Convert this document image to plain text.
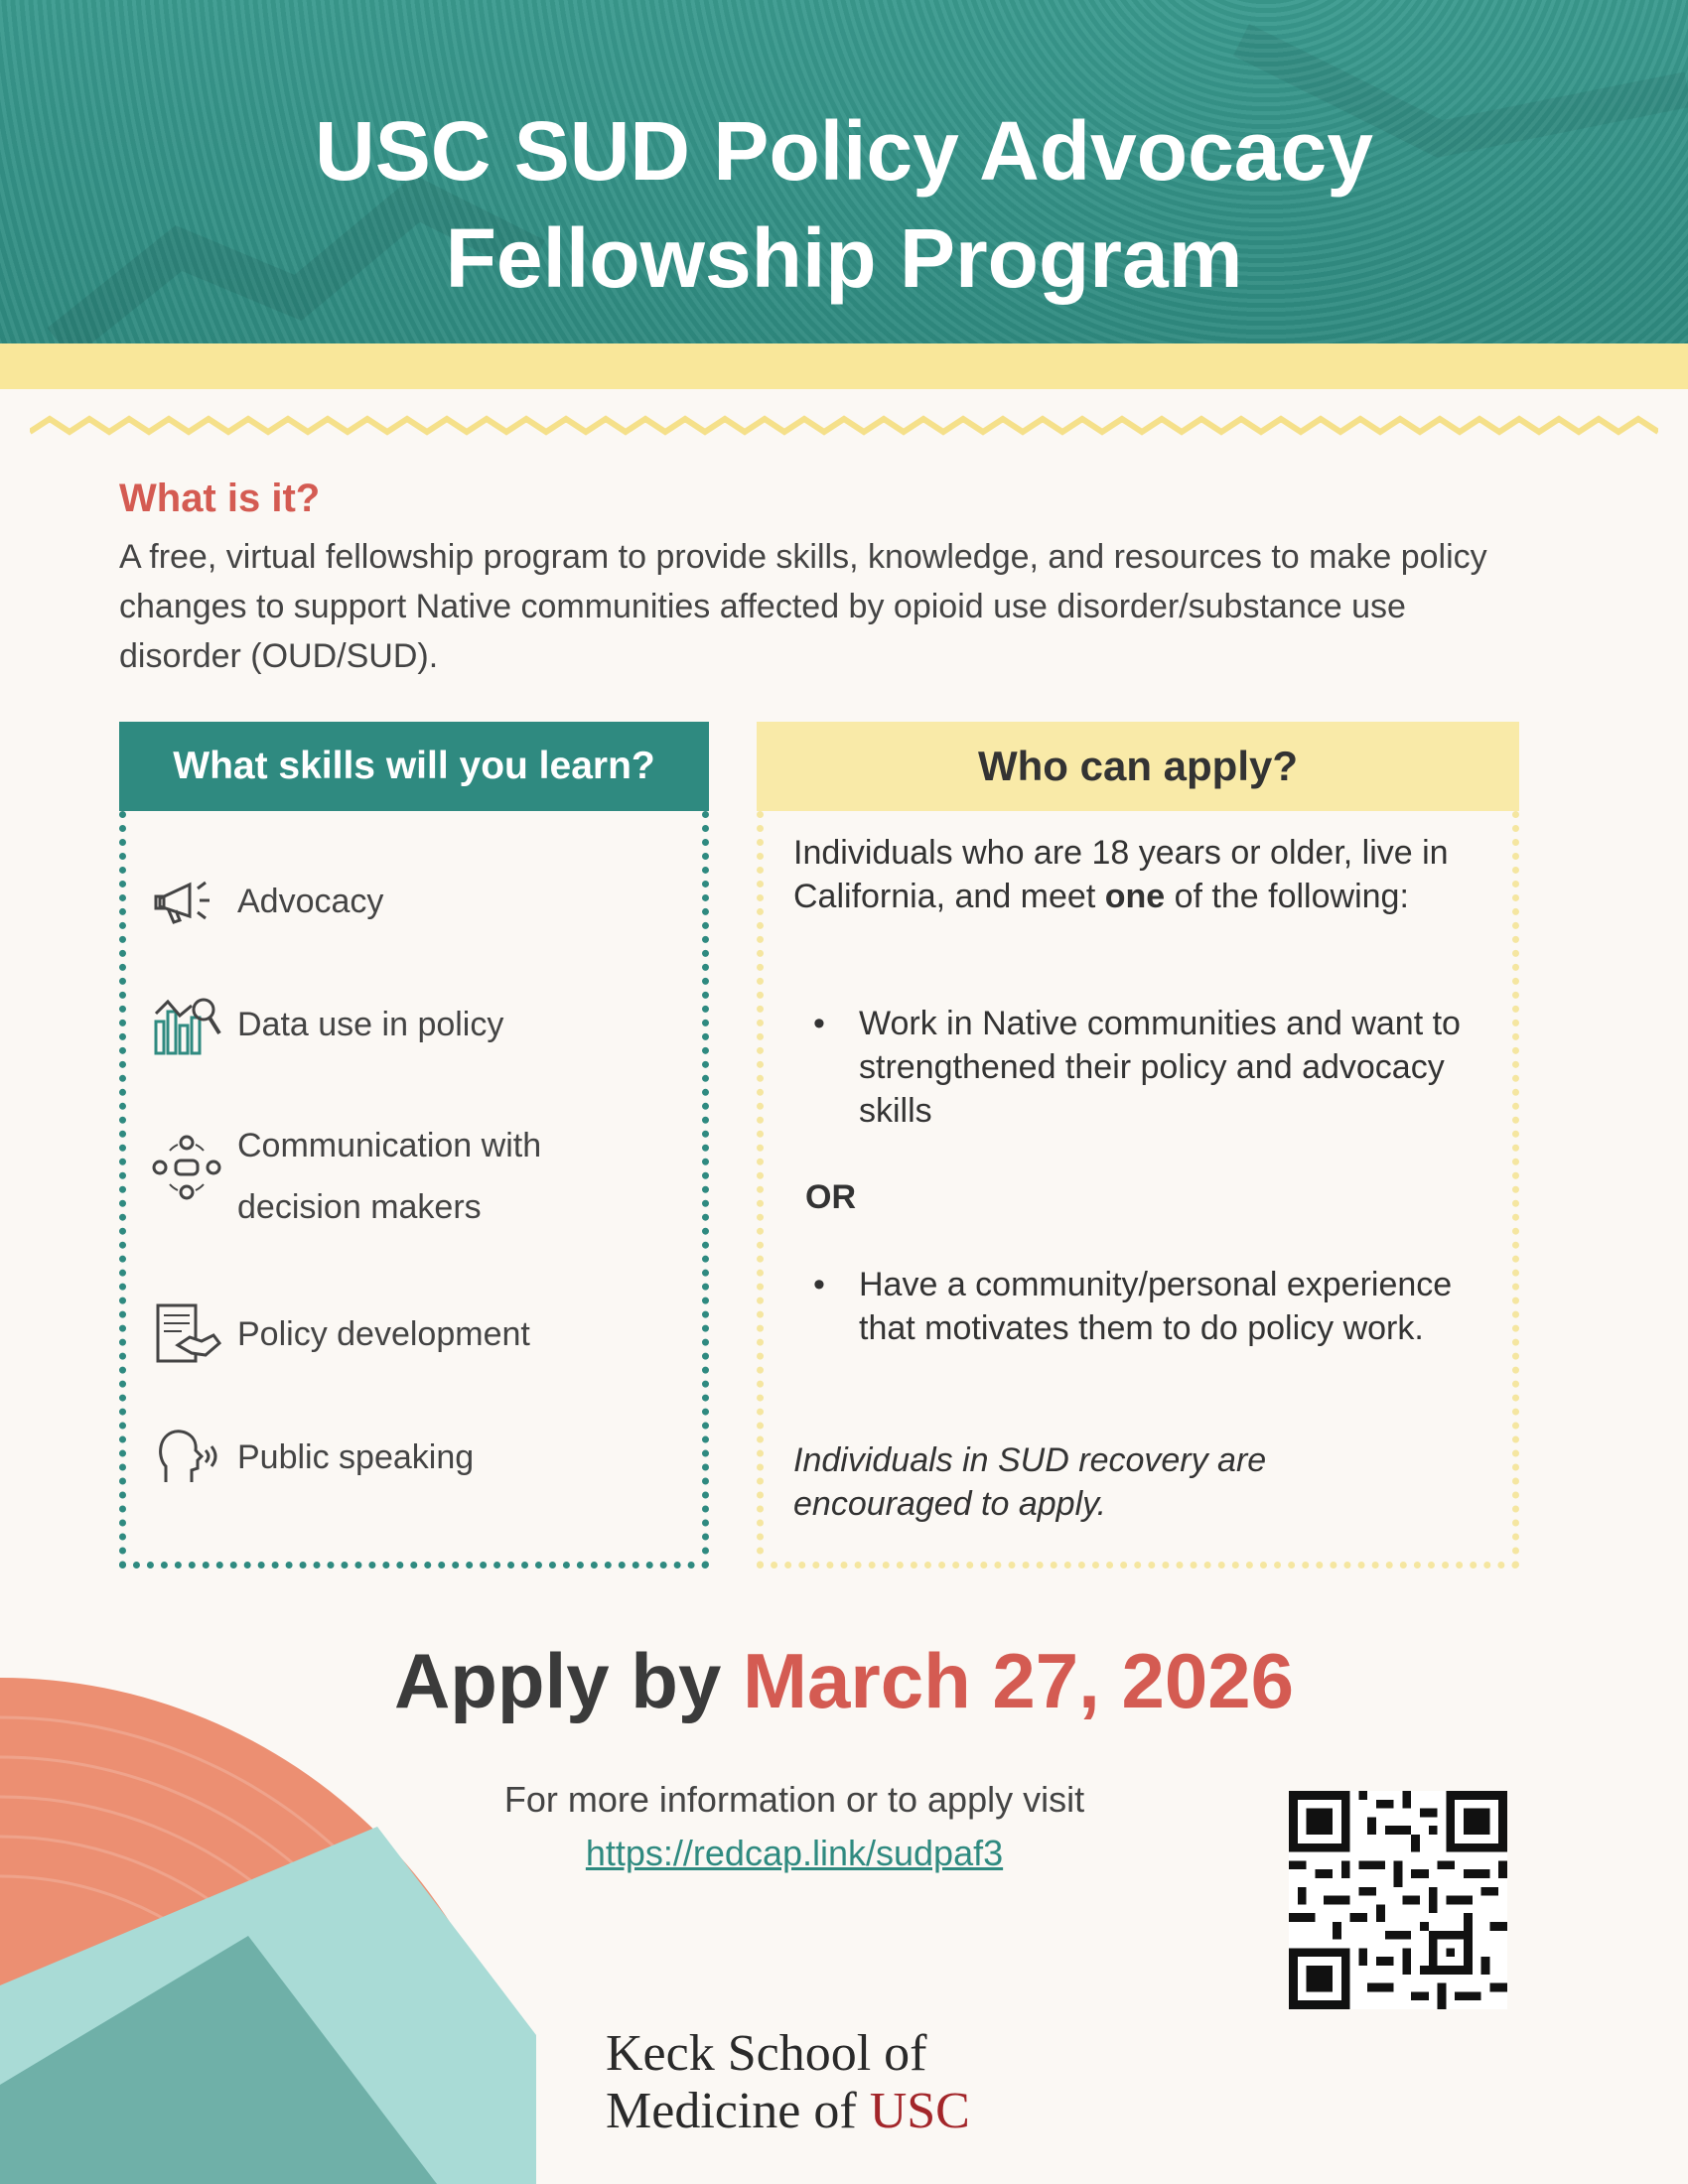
USC SUD Policy Advocacy
Fellowship Program
What is it?

A free, virtual fellowship program to provide skills, knowledge, and resources to make policy changes to support Native communities affected by opioid use disorder/substance use disorder (OUD/SUD).

What skills will you learn?
Advocacy
Data use in policy
Communication with
decision makers
Policy development
Public speaking
Who can apply?

Individuals who are 18 years or older, live in California, and meet one of the following:

• Work in Native communities and want to strengthened their policy and advocacy skills
OR
• Have a community/personal experience that motivates them to do policy work.

Individuals in SUD recovery are encouraged to apply.

Apply by March 27, 2026
For more information or to apply visit
https://redcap.link/sudpaf3
Keck School of
Medicine of USC
